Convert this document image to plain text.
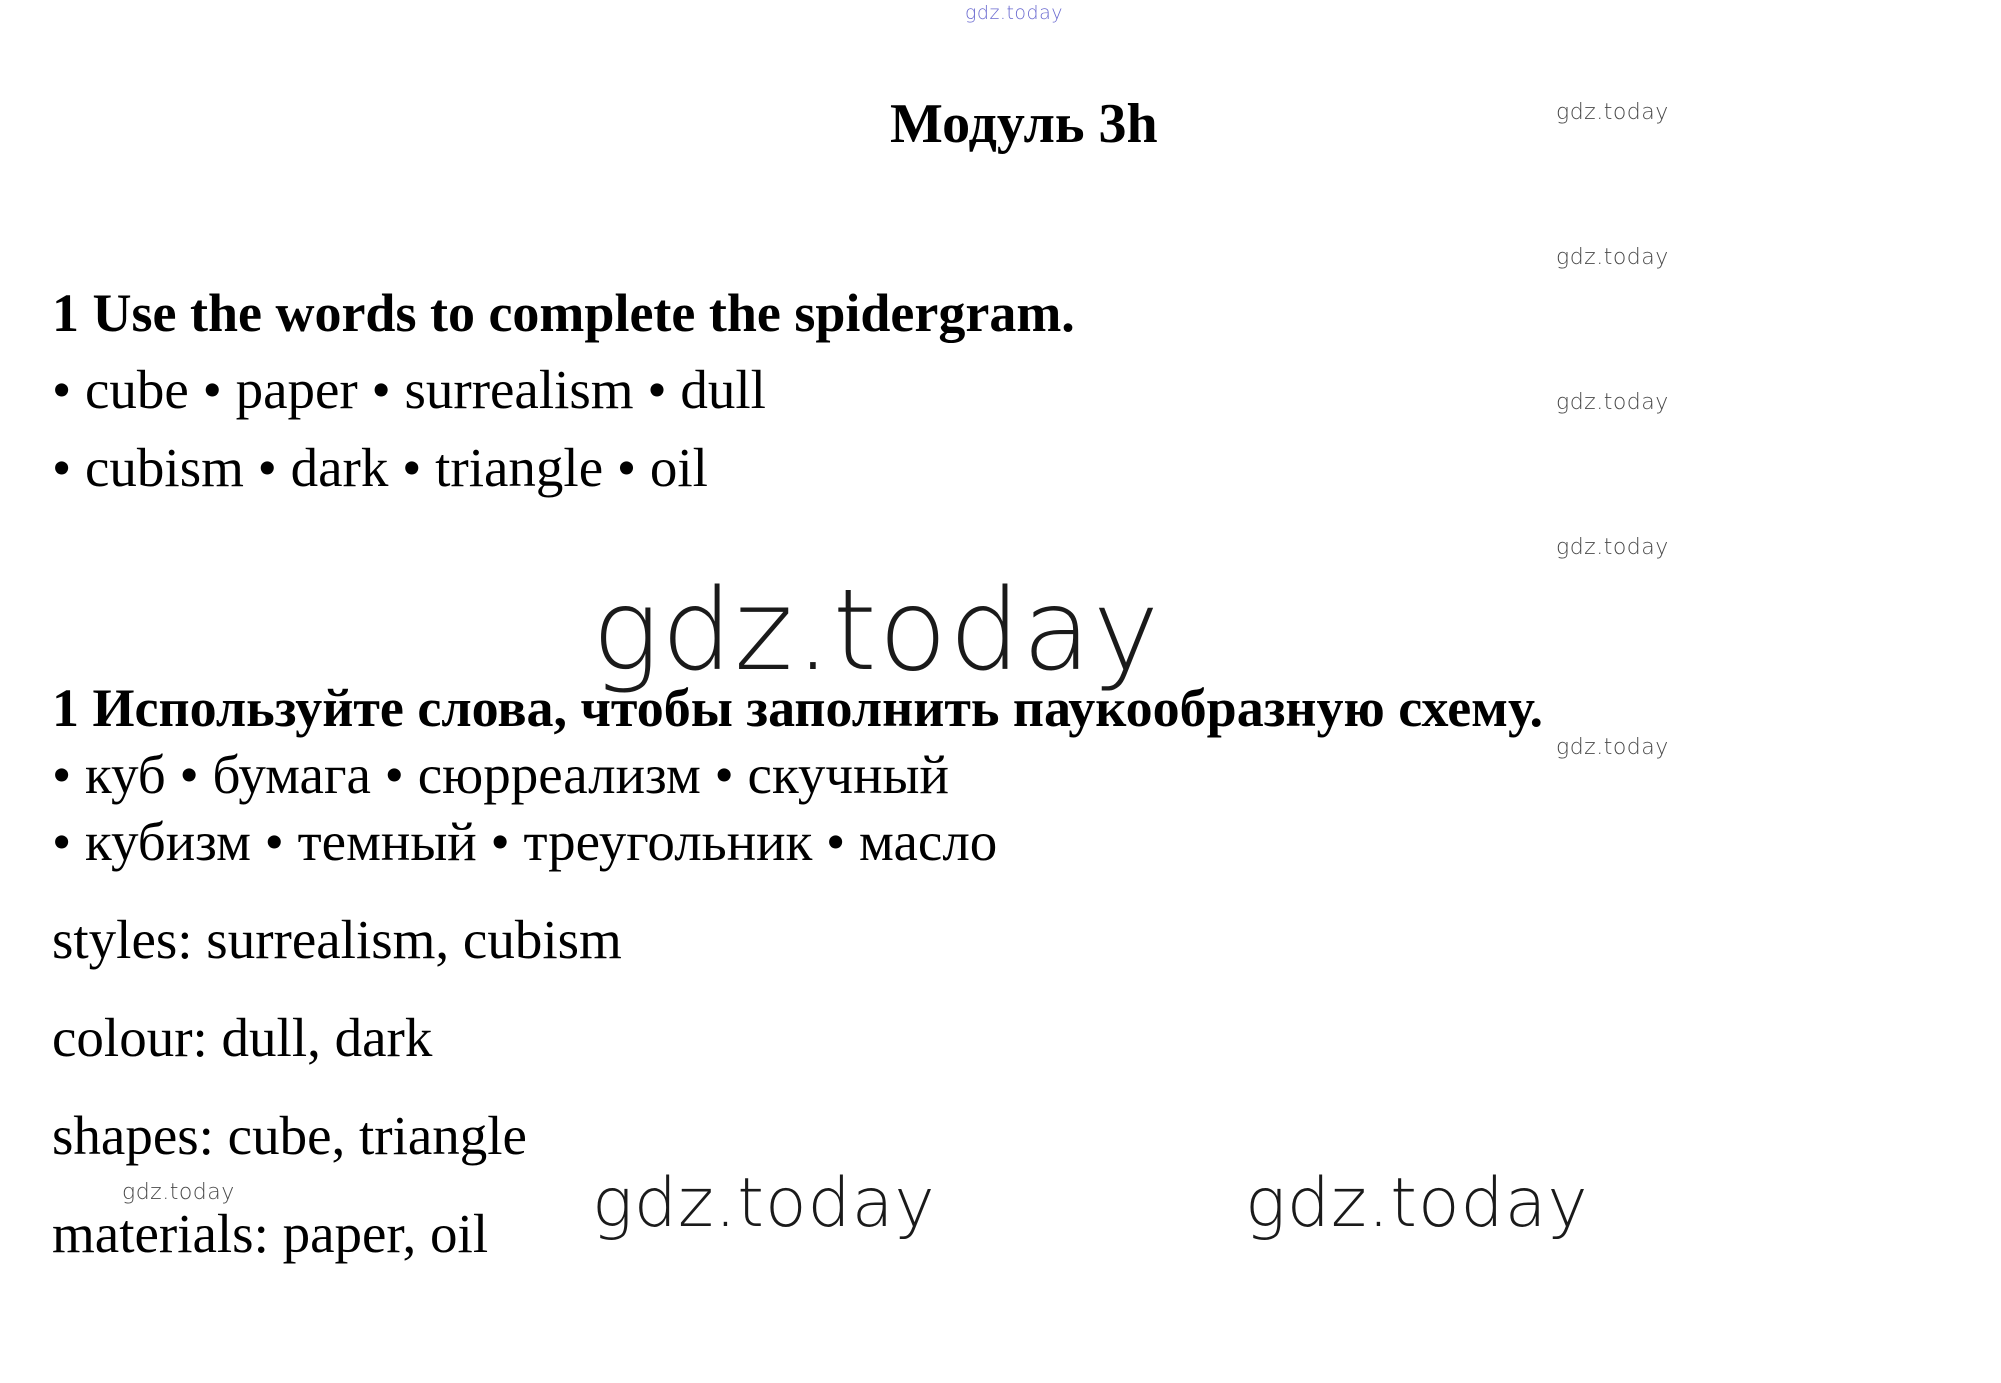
gdz.today
gdz.today
gdz.today
gdz.today
gdz.today
gdz.today
gdz.today
gdz.today
gdz.today	gdz.today
Модуль 3h
1 Use the words to complete the spidergram.
• cube • paper • surrealism • dull
• cubism • dark • triangle • oil
1 Используйте слова, чтобы заполнить паукообразную схему.
• куб • бумага • сюрреализм • скучный
• кубизм • темный • треугольник • масло
styles: surrealism, cubism
colour: dull, dark
shapes: cube, triangle
materials: paper, oil
